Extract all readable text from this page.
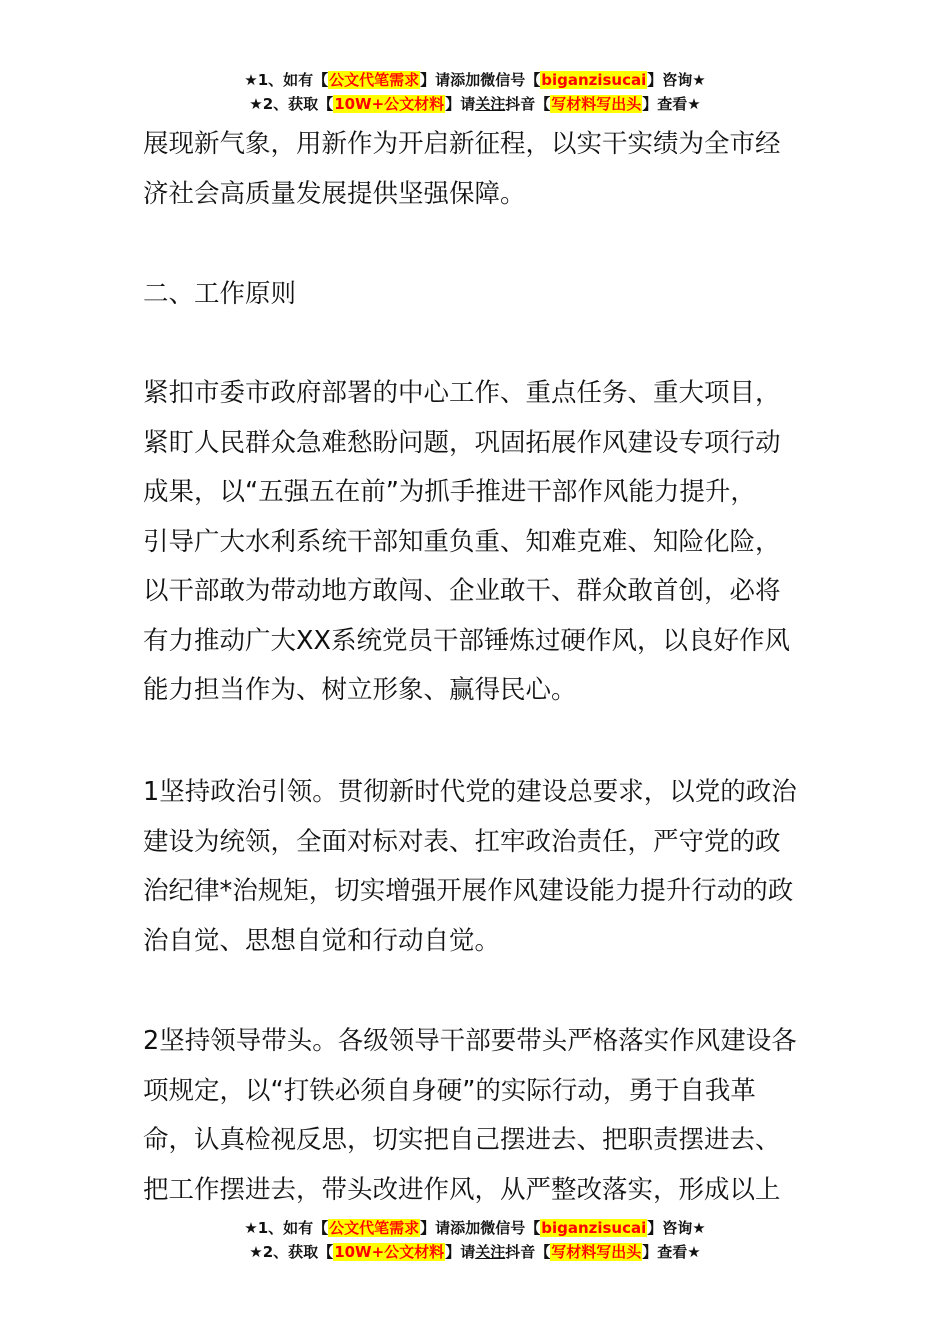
★1、如有【公文代笔需求】请添加微信号【biganzisucai】咨询★
★2、获取【10W+公文材料】请关注抖音【写材料写出头】查看★
展现新气象，用新作为开启新征程，以实干实绩为全市经
济社会高质量发展提供坚强保障。
二、工作原则
紧扣市委市政府部署的中心工作、重点任务、重大项目，
紧盯人民群众急难愁盼问题，巩固拓展作风建设专项行动
成果，以“五强五在前”为抓手推进干部作风能力提升，
引导广大水利系统干部知重负重、知难克难、知险化险，
以干部敢为带动地方敢闯、企业敢干、群众敢首创，必将
有力推动广大XX系统党员干部锤炼过硬作风，以良好作风
能力担当作为、树立形象、赢得民心。
1坚持政治引领。贯彻新时代党的建设总要求，以党的政治
建设为统领，全面对标对表、扛牢政治责任，严守党的政
治纪律*治规矩，切实增强开展作风建设能力提升行动的政
治自觉、思想自觉和行动自觉。
2坚持领导带头。各级领导干部要带头严格落实作风建设各
项规定，以“打铁必须自身硬”的实际行动，勇于自我革
命，认真检视反思，切实把自己摆进去、把职责摆进去、
把工作摆进去，带头改进作风，从严整改落实，形成以上
★1、如有【公文代笔需求】请添加微信号【biganzisucai】咨询★
★2、获取【10W+公文材料】请关注抖音【写材料写出头】查看★
